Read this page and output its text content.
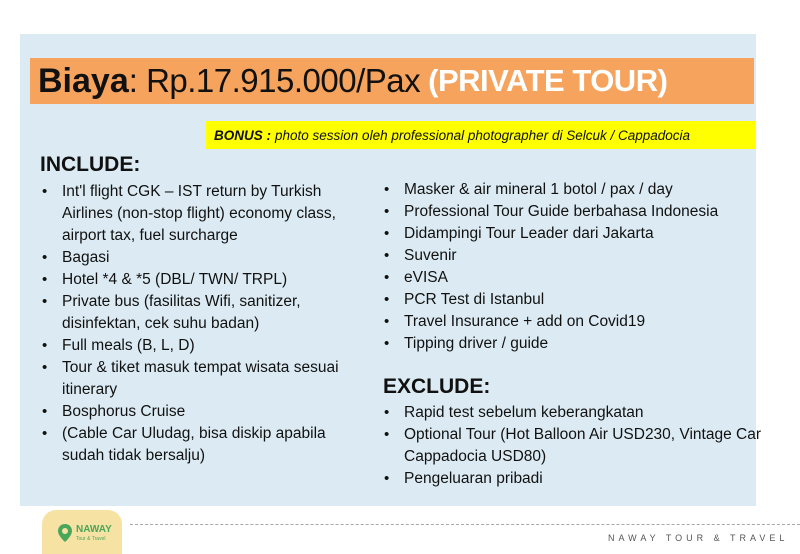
Biaya : Rp.17.915.000/Pax (PRIVATE TOUR)
BONUS : photo session oleh professional photographer di Selcuk / Cappadocia
INCLUDE:
• Int'l flight CGK – IST return by Turkish Airlines (non-stop flight) economy class, airport tax, fuel surcharge
• Bagasi
• Hotel *4 & *5 (DBL/ TWN/ TRPL)
• Private bus (fasilitas Wifi, sanitizer, disinfektan, cek suhu badan)
• Full meals (B, L, D)
• Tour & tiket masuk tempat wisata sesuai itinerary
• Bosphorus Cruise
• (Cable Car Uludag, bisa diskip apabila sudah tidak bersalju)
• Masker & air mineral 1 botol / pax / day
• Professional Tour Guide berbahasa Indonesia
• Didampingi Tour Leader dari Jakarta
• Suvenir
• eVISA
• PCR Test di Istanbul
• Travel Insurance + add on Covid19
• Tipping driver / guide
EXCLUDE:
• Rapid test sebelum keberangkatan
• Optional Tour (Hot Balloon Air USD230, Vintage Car Cappadocia USD80)
• Pengeluaran pribadi
NAWAY
Tour & Travel	NAWAY TOUR & TRAVEL
